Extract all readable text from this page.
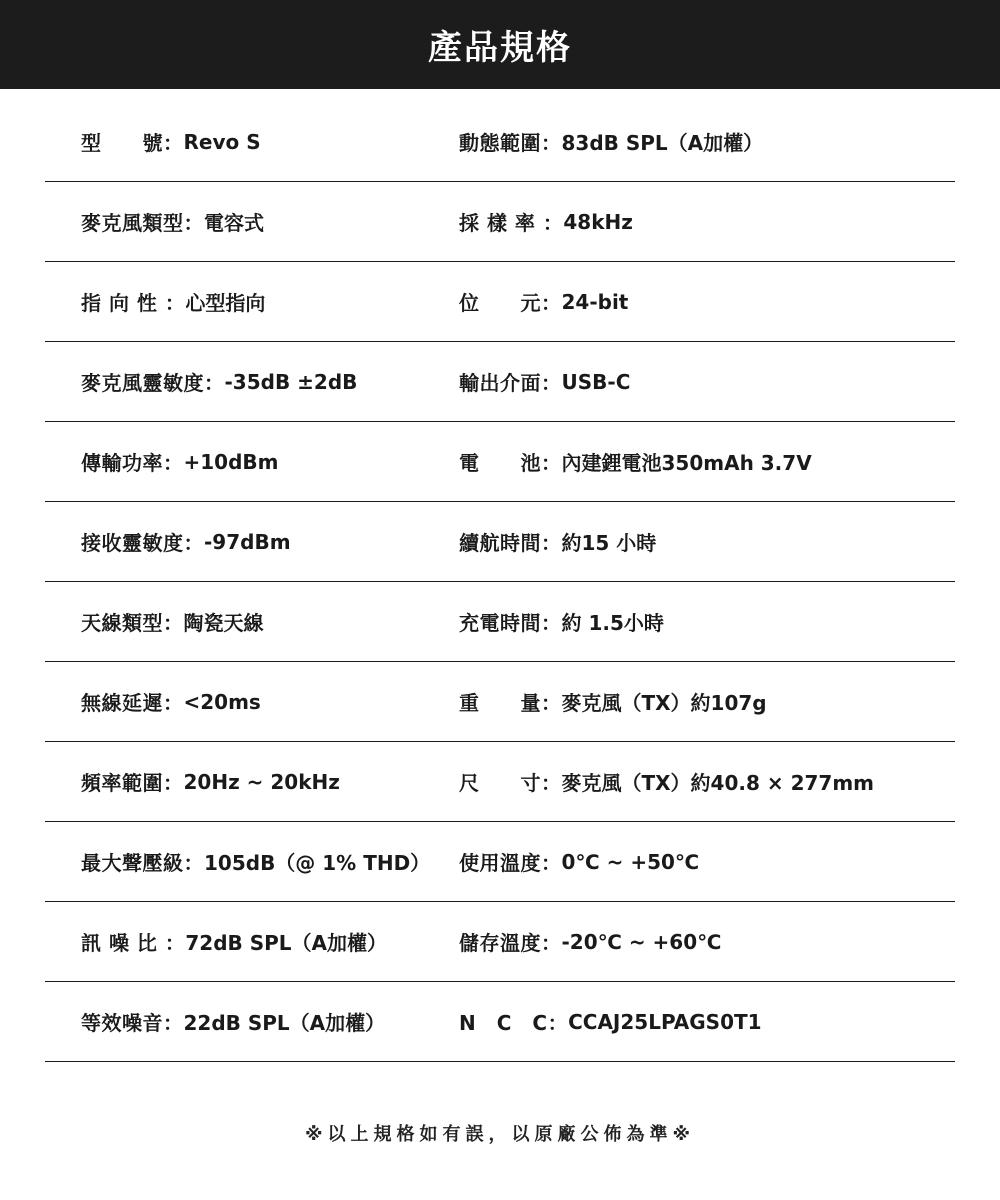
產品規格
型　　號： Revo S	動態範圍： 83dB SPL（A加權）
麥克風類型： 電容式	採 樣 率 ： 48kHz
指 向 性 ： 心型指向	位　　元： 24-bit
麥克風靈敏度： -35dB ±2dB	輸出介面： USB-C
傳輸功率： +10dBm	電　　池： 內建鋰電池350mAh 3.7V
接收靈敏度： -97dBm	續航時間： 約15 小時
天線類型： 陶瓷天線	充電時間： 約 1.5小時
無線延遲： <20ms	重　　量： 麥克風（TX）約107g
頻率範圍： 20Hz ~ 20kHz	尺　　寸： 麥克風（TX）約40.8 × 277mm
最大聲壓級： 105dB（@ 1% THD） 使用溫度： 0℃ ~ +50℃
訊 噪 比 ： 72dB SPL（A加權）	儲存溫度： -20℃ ~ +60℃
等效噪音： 22dB SPL（A加權）	N　C　C： CCAJ25LPAGS0T1
※以上規格如有誤，以原廠公佈為準※
